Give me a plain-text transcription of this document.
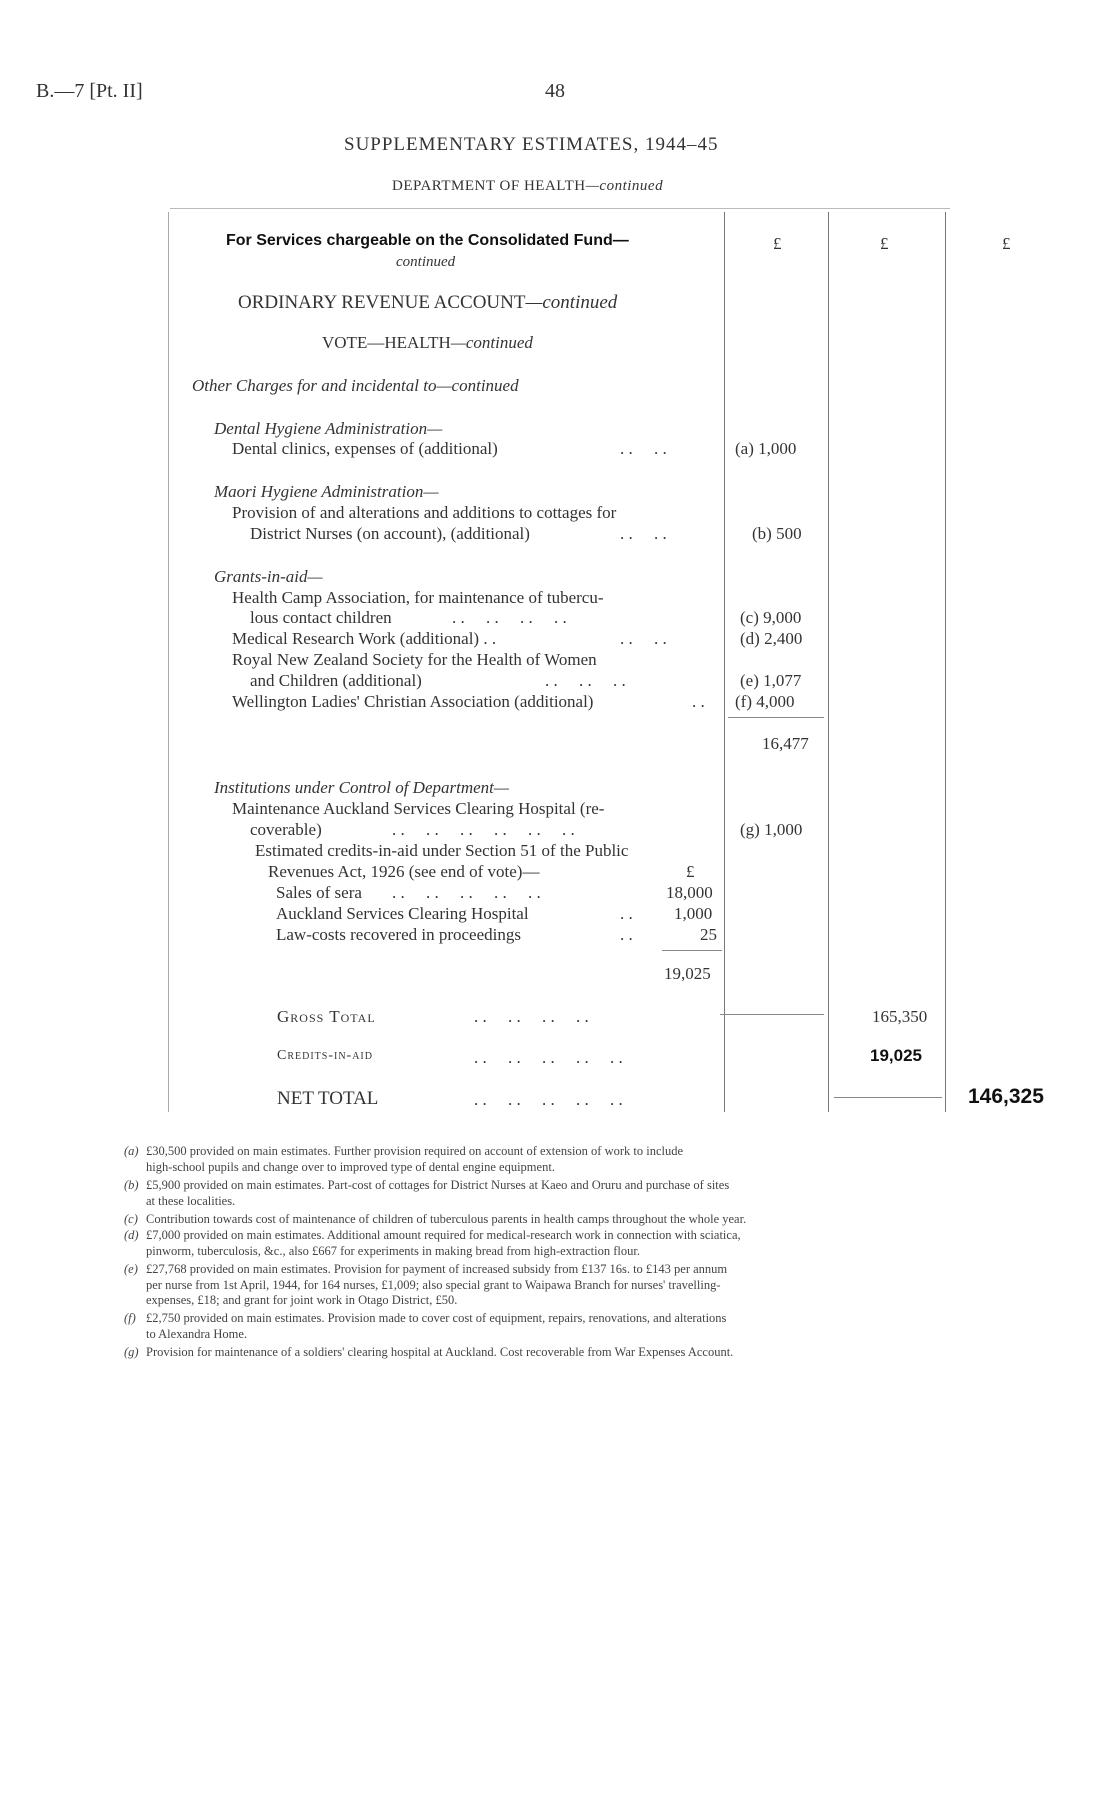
B.—7 [Pt. II]	48
SUPPLEMENTARY ESTIMATES, 1944–45
DEPARTMENT OF HEALTH—continued
£	£	£
For Services chargeable on the Consolidated Fund—
continued
ORDINARY REVENUE ACCOUNT—continued
VOTE—HEALTH—continued
Other Charges for and incidental to—continued
Dental Hygiene Administration—
Dental clinics, expenses of (additional)	. .     . .	(a) 1,000
Maori Hygiene Administration—
Provision of and alterations and additions to cottages for
District Nurses (on account), (additional)	. .     . .	(b) 500
Grants-in-aid—
Health Camp Association, for maintenance of tubercu-
lous contact children	. .     . .     . .     . .	(c) 9,000
Medical Research Work (additional) . .	. .     . .	(d) 2,400
Royal New Zealand Society for the Health of Women
and Children (additional)	. .     . .     . .	(e) 1,077
Wellington Ladies' Christian Association (additional)	. . (f) 4,000
16,477
Institutions under Control of Department—
Maintenance Auckland Services Clearing Hospital (re-
coverable)	. .     . .     . .     . .     . .     . .	(g) 1,000
Estimated credits-in-aid under Section 51 of the Public
Revenues Act, 1926 (see end of vote)—	£
Sales of sera . .     . .     . .     . .     . .	18,000
Auckland Services Clearing Hospital	. . 1,000
Law-costs recovered in proceedings	. .	25
19,025
Gross Total	. .     . .     . .     . .	165,350
Credits-in-aid	. .     . .     . .     . .     . .	19,025
NET TOTAL	. .     . .     . .     . .     . .	146,325
(a) £30,500 provided on main estimates. Further provision required on account of extension of work to include
high-school pupils and change over to improved type of dental engine equipment.
(b) £5,900 provided on main estimates. Part-cost of cottages for District Nurses at Kaeo and Oruru and purchase of sites
at these localities.
(c) Contribution towards cost of maintenance of children of tuberculous parents in health camps throughout the whole year.
(d) £7,000 provided on main estimates. Additional amount required for medical-research work in connection with sciatica,
pinworm, tuberculosis, &c., also £667 for experiments in making bread from high-extraction flour.
(e) £27,768 provided on main estimates. Provision for payment of increased subsidy from £137 16s. to £143 per annum
per nurse from 1st April, 1944, for 164 nurses, £1,009; also special grant to Waipawa Branch for nurses' travelling-
expenses, £18; and grant for joint work in Otago District, £50.
(f) £2,750 provided on main estimates. Provision made to cover cost of equipment, repairs, renovations, and alterations
to Alexandra Home.
(g) Provision for maintenance of a soldiers' clearing hospital at Auckland. Cost recoverable from War Expenses Account.
